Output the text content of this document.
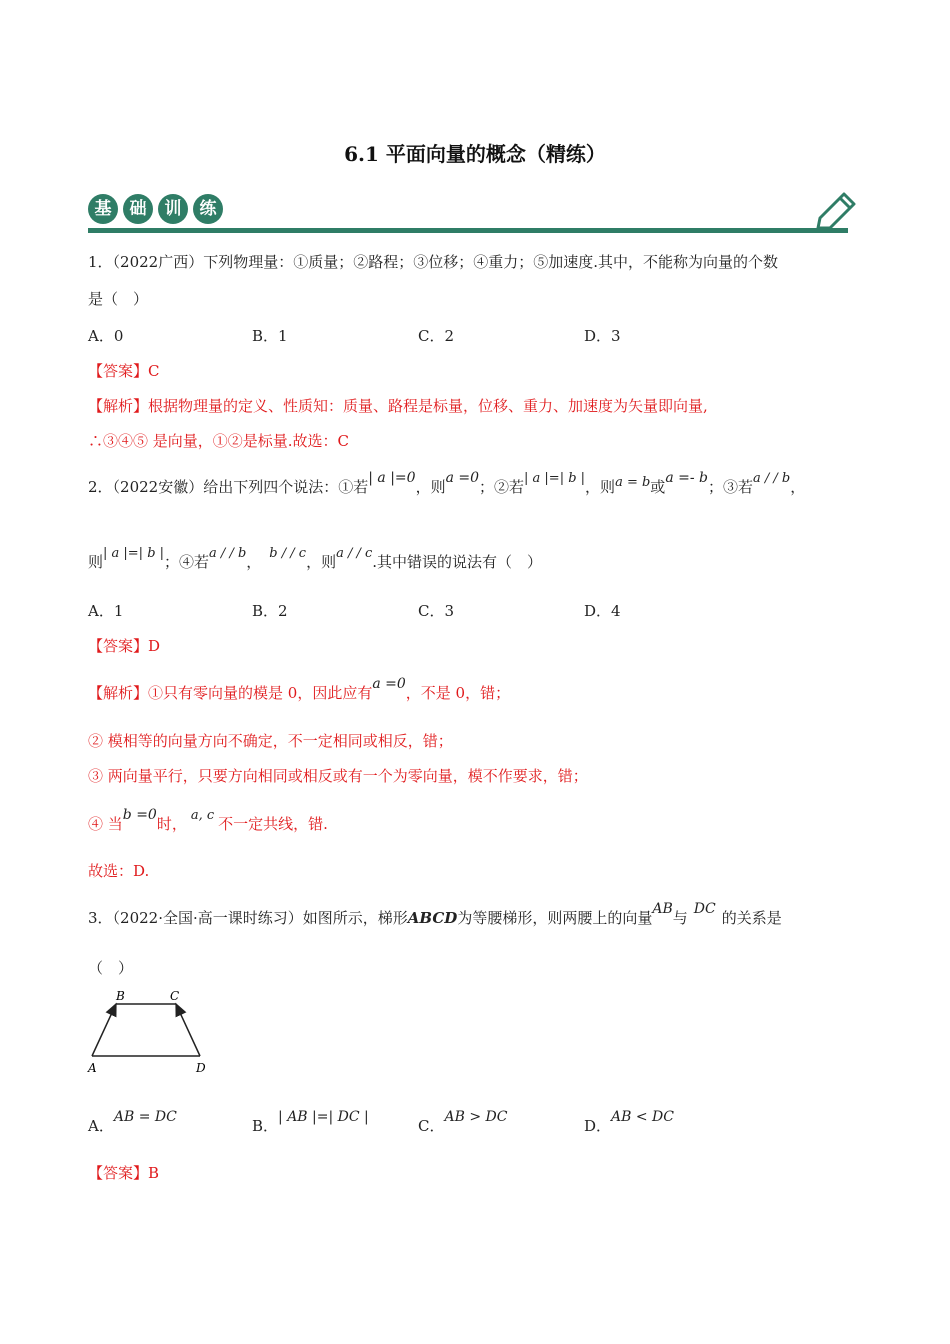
6.1 平面向量的概念（精练）
基	础	训	练
1．（2022广西）下列物理量：①质量；②路程；③位移；④重力；⑤加速度.其中，不能称为向量的个数
是（　）
A．0	B．1	C．2	D．3
【答案】C
【解析】根据物理量的定义、性质知：质量、路程是标量，位移、重力、加速度为矢量即向量,
∴③④⑤ 是向量，①②是标量.故选：C
2．（2022安徽）给出下列四个说法：①若| a |=0，则a =0；②若| a |=| b |，则a = b或a =- b；③若a / / b，
则| a |=| b |；④若a / / b， b / / c，则a / / c.其中错误的说法有（　）
A．1	B．2	C．3	D．4
【答案】D
【解析】①只有零向量的模是 0，因此应有a =0，不是 0，错；
② 模相等的向量方向不确定，不一定相同或相反，错；
③ 两向量平行，只要方向相同或相反或有一个为零向量，模不作要求，错；
④ 当b =0时， a, c 不一定共线，错.
故选：D.
3．（2022·全国·高一课时练习）如图所示，梯形ABCD为等腰梯形，则两腰上的向量AB与 DC 的关系是
（　）
B	C
A	D
A．AB = DC	B．| AB |=| DC |	C．AB > DC	D．AB < DC
【答案】B
